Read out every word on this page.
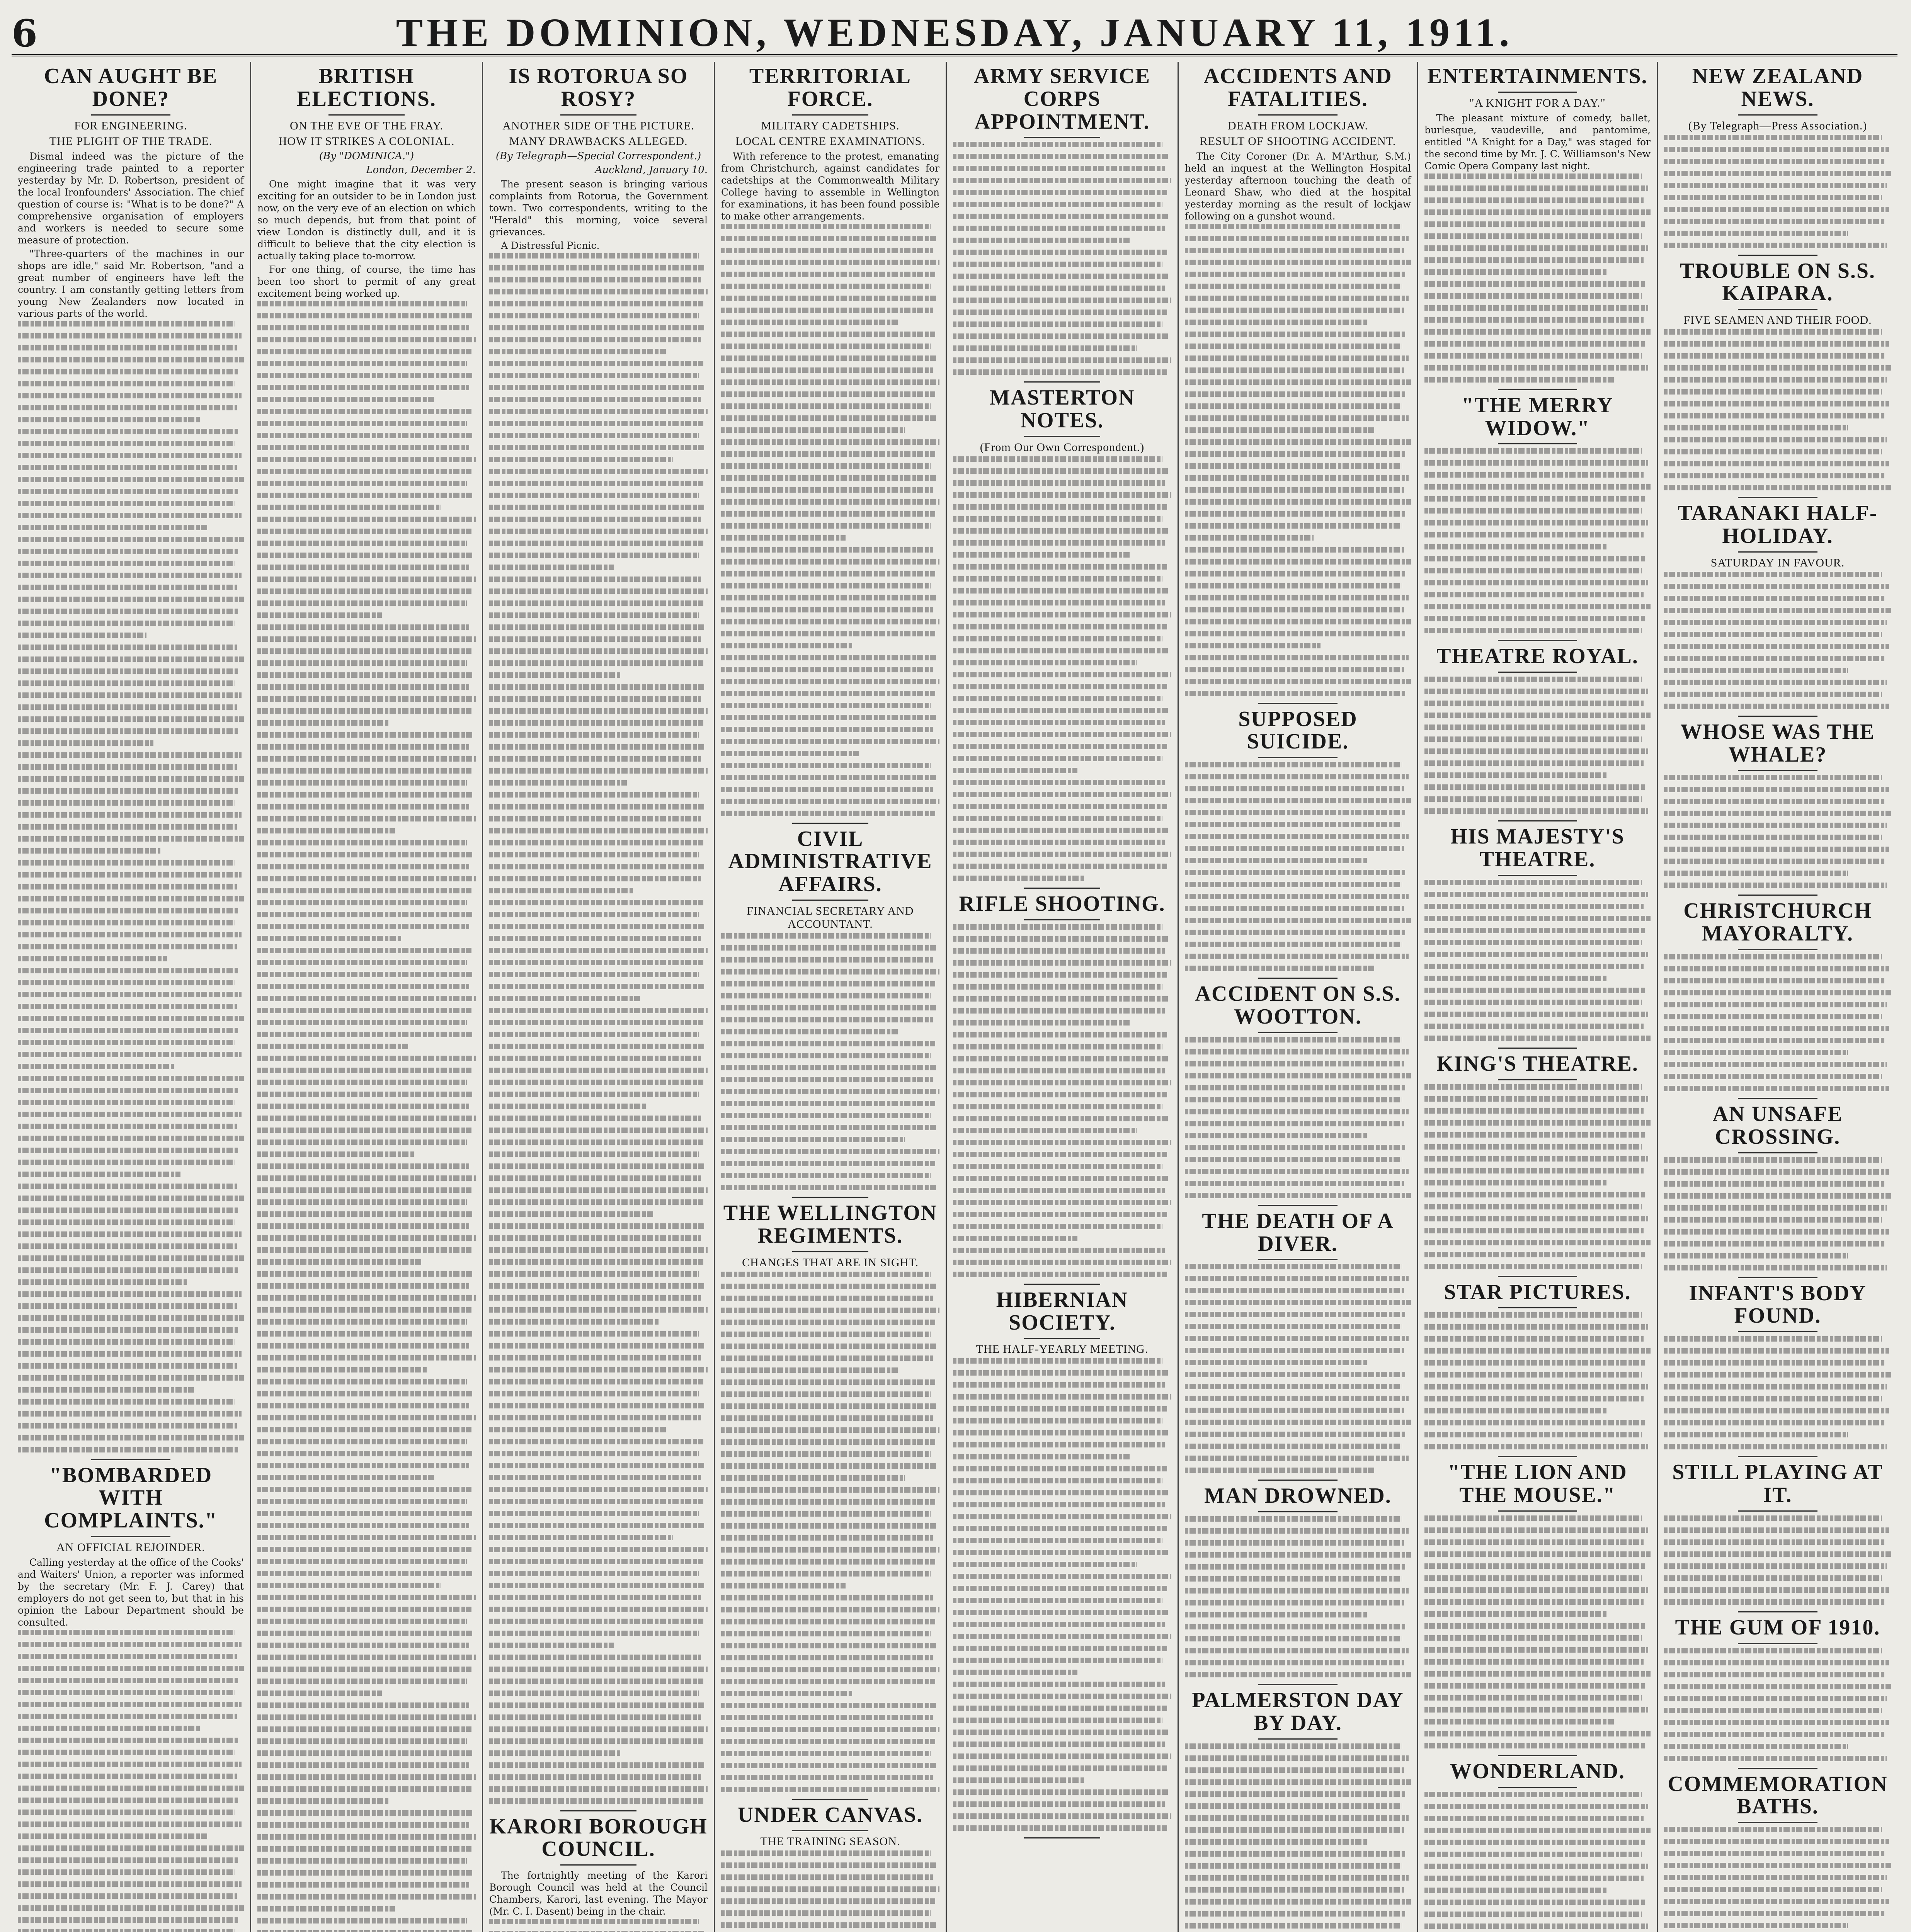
6	THE DOMINION, WEDNESDAY, JANUARY 11, 1911.
CAN AUGHT BE DONE?
FOR ENGINEERING.
THE PLIGHT OF THE TRADE.

Dismal indeed was the picture of the engineering trade painted to a reporter yesterday by Mr. D. Robertson, president of the local Ironfounders' Association. The chief question of course is: "What is to be done?" A comprehensive organisation of employers and workers is needed to secure some measure of protection.

"Three-quarters of the machines in our shops are idle," said Mr. Robertson, "and a great number of engineers have left the country. I am constantly getting letters from young New Zealanders now located in various parts of the world.

"BOMBARDED WITH COMPLAINTS."
AN OFFICIAL REJOINDER.

Calling yesterday at the office of the Cooks' and Waiters' Union, a reporter was informed by the secretary (Mr. F. J. Carey) that employers do not get seen to, but that in his opinion the Labour Department should be consulted.

BRITISH ELECTIONS.
ON THE EVE OF THE FRAY.
HOW IT STRIKES A COLONIAL.
(By "DOMINICA.")
London, December 2.

One might imagine that it was very exciting for an outsider to be in London just now, on the very eve of an election on which so much depends, but from that point of view London is distinctly dull, and it is difficult to believe that the city election is actually taking place to-morrow.

For one thing, of course, the time has been too short to permit of any great excitement being worked up.

IS ROTORUA SO ROSY?
ANOTHER SIDE OF THE PICTURE.
MANY DRAWBACKS ALLEGED.
(By Telegraph—Special Correspondent.)
Auckland, January 10.

The present season is bringing various complaints from Rotorua, the Government town. Two correspondents, writing to the "Herald" this morning, voice several grievances.

A Distressful Picnic.

KARORI BOROUGH COUNCIL.

The fortnightly meeting of the Karori Borough Council was held at the Council Chambers, Karori, last evening. The Mayor (Mr. C. I. Dasent) being in the chair.

TERRITORIAL FORCE.
MILITARY CADETSHIPS.
LOCAL CENTRE EXAMINATIONS.

With reference to the protest, emanating from Christchurch, against candidates for cadetships at the Commonwealth Military College having to assemble in Wellington for examinations, it has been found possible to make other arrangements.

CIVIL ADMINISTRATIVE AFFAIRS.
FINANCIAL SECRETARY AND ACCOUNTANT.
THE WELLINGTON REGIMENTS.
CHANGES THAT ARE IN SIGHT.
UNDER CANVAS.
THE TRAINING SEASON.
ARMY SERVICE CORPS APPOINTMENT.
MASTERTON NOTES.
(From Our Own Correspondent.)
RIFLE SHOOTING.
HIBERNIAN SOCIETY.
THE HALF-YEARLY MEETING.
ACCIDENTS AND FATALITIES.
DEATH FROM LOCKJAW.
RESULT OF SHOOTING ACCIDENT.

The City Coroner (Dr. A. M'Arthur, S.M.) held an inquest at the Wellington Hospital yesterday afternoon touching the death of Leonard Shaw, who died at the hospital yesterday morning as the result of lockjaw following on a gunshot wound.

SUPPOSED SUICIDE.
ACCIDENT ON S.S. WOOTTON.
THE DEATH OF A DIVER.
MAN DROWNED.
PALMERSTON DAY BY DAY.
ENTERTAINMENTS.
"A KNIGHT FOR A DAY."

The pleasant mixture of comedy, ballet, burlesque, vaudeville, and pantomime, entitled "A Knight for a Day," was staged for the second time by Mr. J. C. Williamson's New Comic Opera Company last night.

"THE MERRY WIDOW."
THEATRE ROYAL.
HIS MAJESTY'S THEATRE.
KING'S THEATRE.
STAR PICTURES.
"THE LION AND THE MOUSE."
WONDERLAND.
NEW ZEALAND NEWS.
(By Telegraph—Press Association.)
TROUBLE ON S.S. KAIPARA.
FIVE SEAMEN AND THEIR FOOD.
TARANAKI HALF-HOLIDAY.
SATURDAY IN FAVOUR.
WHOSE WAS THE WHALE?
CHRISTCHURCH MAYORALTY.
AN UNSAFE CROSSING.
INFANT'S BODY FOUND.
STILL PLAYING AT IT.
THE GUM OF 1910.
COMMEMORATION BATHS.
